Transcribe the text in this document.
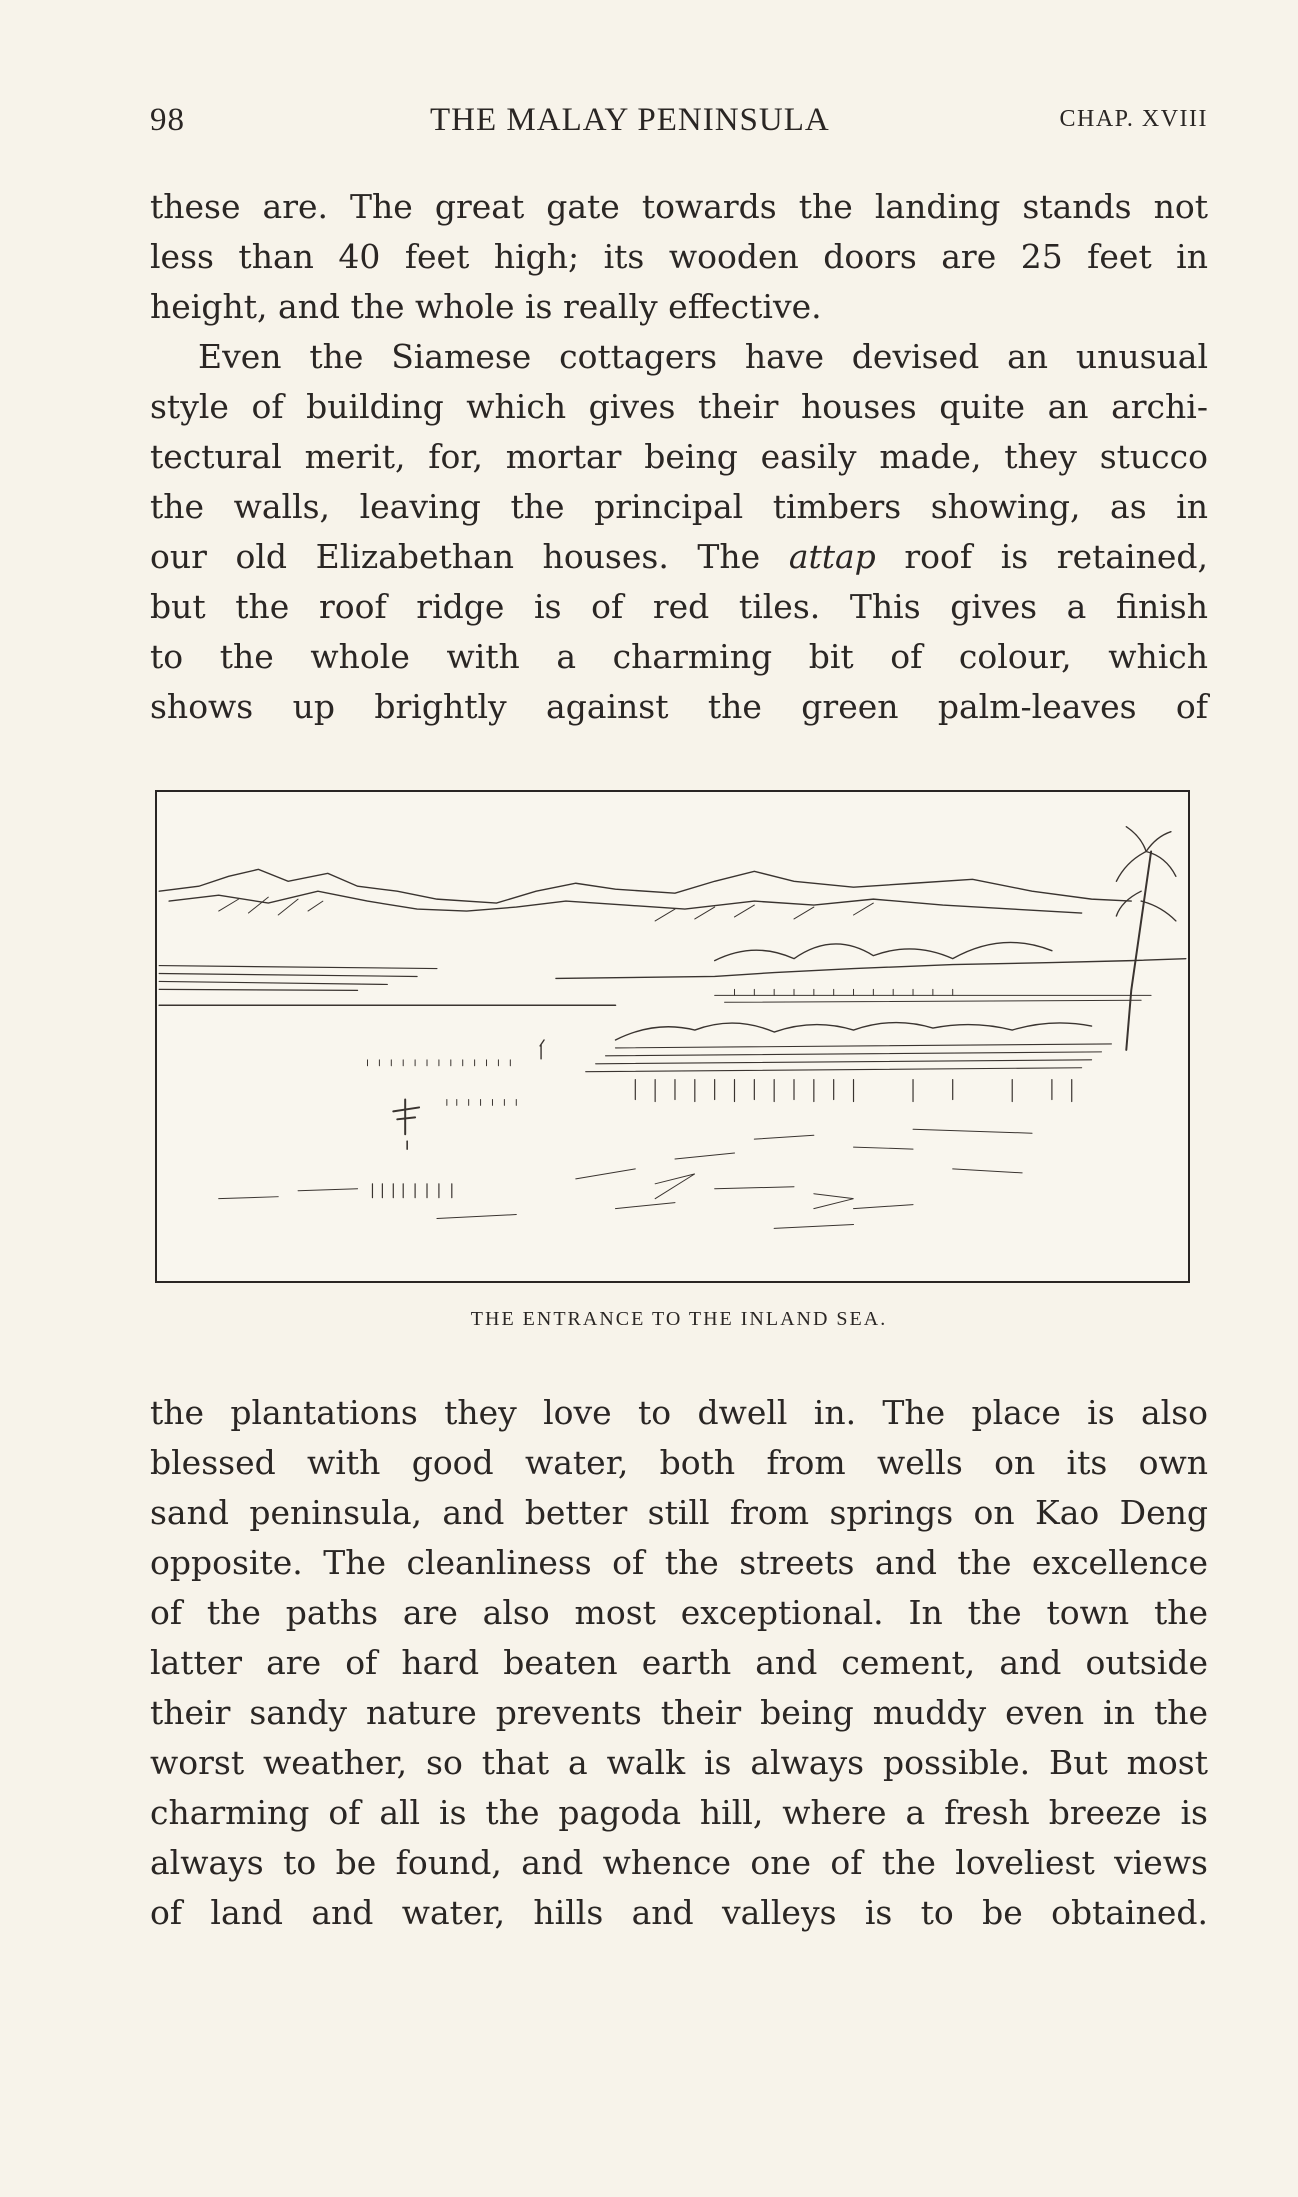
98	THE MALAY PENINSULA	CHAP. XVIII
these are. The great gate towards the landing stands not
less than 40 feet high; its wooden doors are 25 feet in
height, and the whole is really effective.
Even the Siamese cottagers have devised an unusual
style of building which gives their houses quite an archi-
tectural merit, for, mortar being easily made, they stucco
the walls, leaving the principal timbers showing, as in
our old Elizabethan houses. The attap roof is retained,
but the roof ridge is of red tiles. This gives a finish
to the whole with a charming bit of colour, which
shows up brightly against the green palm-leaves of
THE ENTRANCE TO THE INLAND SEA.
the plantations they love to dwell in. The place is also
blessed with good water, both from wells on its own
sand peninsula, and better still from springs on Kao Deng
opposite. The cleanliness of the streets and the excellence
of the paths are also most exceptional. In the town the
latter are of hard beaten earth and cement, and outside
their sandy nature prevents their being muddy even in the
worst weather, so that a walk is always possible. But most
charming of all is the pagoda hill, where a fresh breeze is
always to be found, and whence one of the loveliest views
of land and water, hills and valleys is to be obtained.
